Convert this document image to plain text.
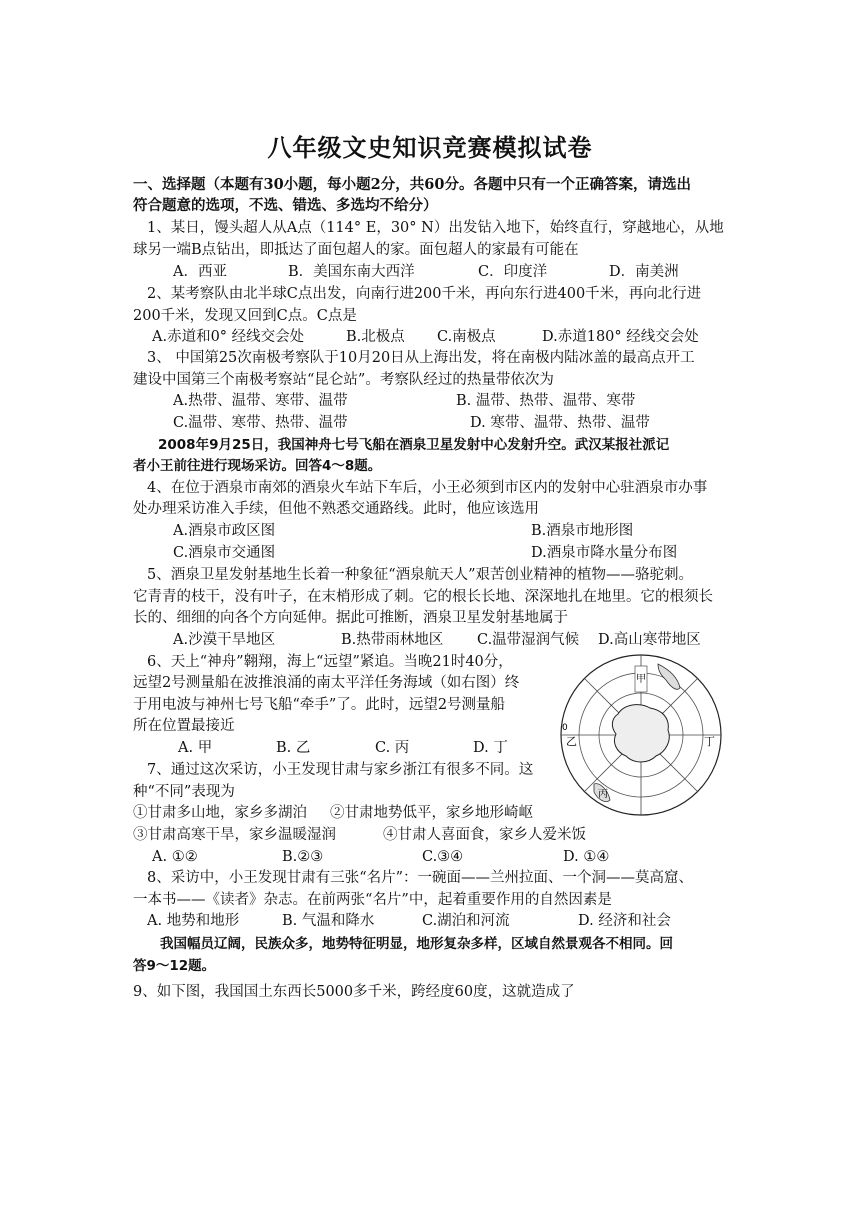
八年级文史知识竞赛模拟试卷
一、选择题（本题有30小题，每小题2分，共60分。各题中只有一个正确答案，请选出
符合题意的选项，不选、错选、多选均不给分）
1、某日，馒头超人从A点（114° E，30° N）出发钻入地下，始终直行，穿越地心，从地
球另一端B点钻出，即抵达了面包超人的家。面包超人的家最有可能在
A．西亚	B．美国东南大西洋	C．印度洋	D．南美洲
2、某考察队由北半球C点出发，向南行进200千米，再向东行进400千米，再向北行进
200千米，发现又回到C点。C点是
A.赤道和0° 经线交会处	B.北极点 C.南极点	D.赤道180° 经线交会处
3、 中国第25次南极考察队于10月20日从上海出发，将在南极内陆冰盖的最高点开工
建设中国第三个南极考察站“昆仑站”。考察队经过的热量带依次为
A.热带、温带、寒带、温带	B. 温带、热带、温带、寒带
C.温带、寒带、热带、温带	D. 寒带、温带、热带、温带
2008年9月25日，我国神舟七号飞船在酒泉卫星发射中心发射升空。武汉某报社派记
者小王前往进行现场采访。回答4～8题。
4、在位于酒泉市南郊的酒泉火车站下车后，小王必须到市区内的发射中心驻酒泉市办事
处办理采访准入手续，但他不熟悉交通路线。此时，他应该选用
A.酒泉市政区图	B.酒泉市地形图
C.酒泉市交通图	D.酒泉市降水量分布图
5、酒泉卫星发射基地生长着一种象征“酒泉航天人”艰苦创业精神的植物——骆驼刺。
它青青的枝干，没有叶子，在末梢形成了刺。它的根长长地、深深地扎在地里。它的根须长
长的、细细的向各个方向延伸。据此可推断，酒泉卫星发射基地属于
A.沙漠干旱地区	B.热带雨林地区 C.温带湿润气候 D.高山寒带地区
6、天上“神舟”翱翔，海上“远望”紧追。当晚21时40分，
远望2号测量船在波推浪涌的南太平洋任务海域（如右图）终
于用电波与神州七号飞船“牵手”了。此时，远望2号测量船
所在位置最接近
A. 甲	B. 乙	C. 丙	D. 丁
甲
乙
0
丙
丁
7、通过这次采访，小王发现甘肃与家乡浙江有很多不同。这
种“不同”表现为
①甘肃多山地，家乡多湖泊 ②甘肃地势低平，家乡地形崎岖
③甘肃高寒干旱，家乡温暖湿润	④甘肃人喜面食，家乡人爱米饭
A. ①②	B.②③	C.③④	D. ①④
8、采访中，小王发现甘肃有三张“名片”：一碗面——兰州拉面、一个洞——莫高窟、
一本书——《读者》杂志。在前两张“名片”中，起着重要作用的自然因素是
A. 地势和地形	B. 气温和降水	C.湖泊和河流	D. 经济和社会
我国幅员辽阔，民族众多，地势特征明显，地形复杂多样，区域自然景观各不相同。回
答9～12题。
9、如下图，我国国土东西长5000多千米，跨经度60度，这就造成了
